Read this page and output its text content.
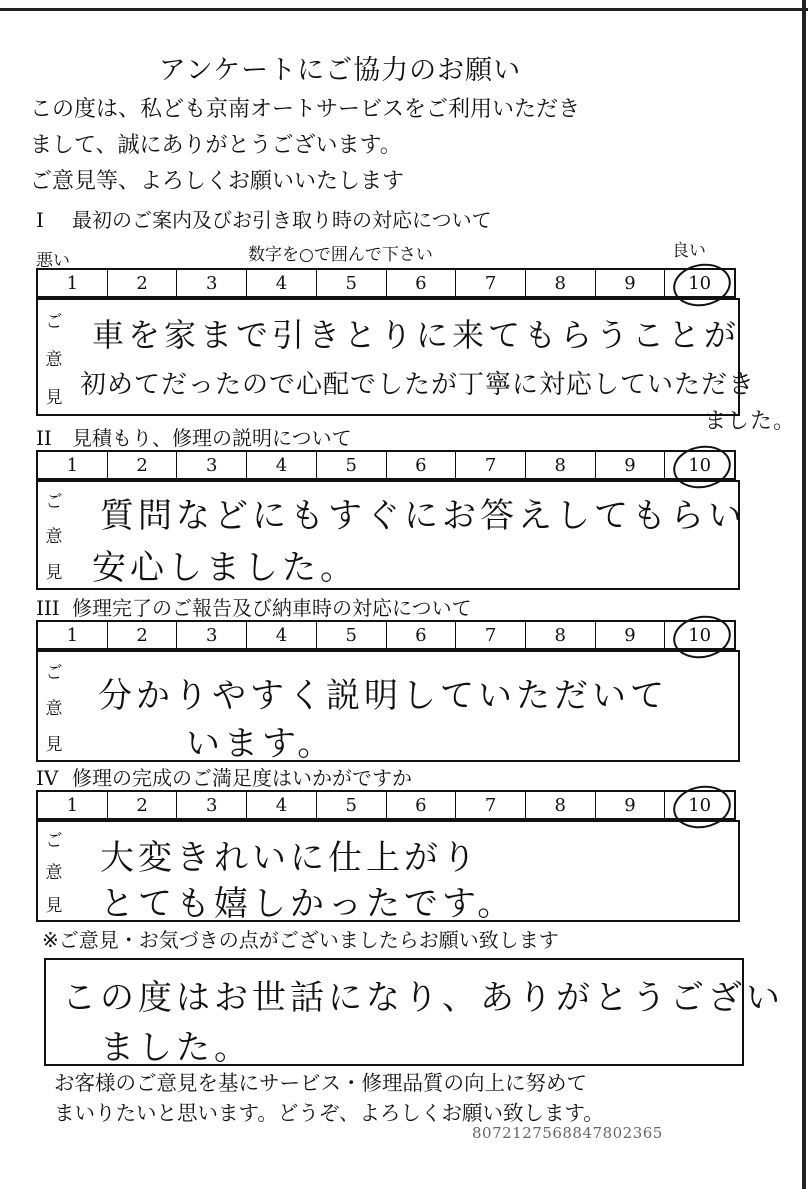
アンケートにご協力のお願い
この度は、私ども京南オートサービスをご利用いただき
まして、誠にありがとうございます。
ご意見等、よろしくお願いいたします
I 最初のご案内及びお引き取り時の対応について
悪い	数字を○で囲んで下さい	良い
1	2	3	4	5	6	7	8	9	10
ご
意
見
車を家まで引きとりに来てもらうことが
初めてだったので心配でしたが丁寧に対応していただき
ました。
II 見積もり、修理の説明について
1	2	3	4	5	6	7	8	9	10
ご
意
見
質問などにもすぐにお答えしてもらい
安心しました。
III 修理完了のご報告及び納車時の対応について
1	2	3	4	5	6	7	8	9	10
ご
意
見
分かりやすく説明していただいて
います。
IV 修理の完成のご満足度はいかがですか
1	2	3	4	5	6	7	8	9	10
ご
意
見
大変きれいに仕上がり
とても嬉しかったです。
※ご意見・お気づきの点がございましたらお願い致します
この度はお世話になり、ありがとうござい
ました。
お客様のご意見を基にサービス・修理品質の向上に努めて
まいりたいと思います。どうぞ、よろしくお願い致します。
807212756884780236​5
